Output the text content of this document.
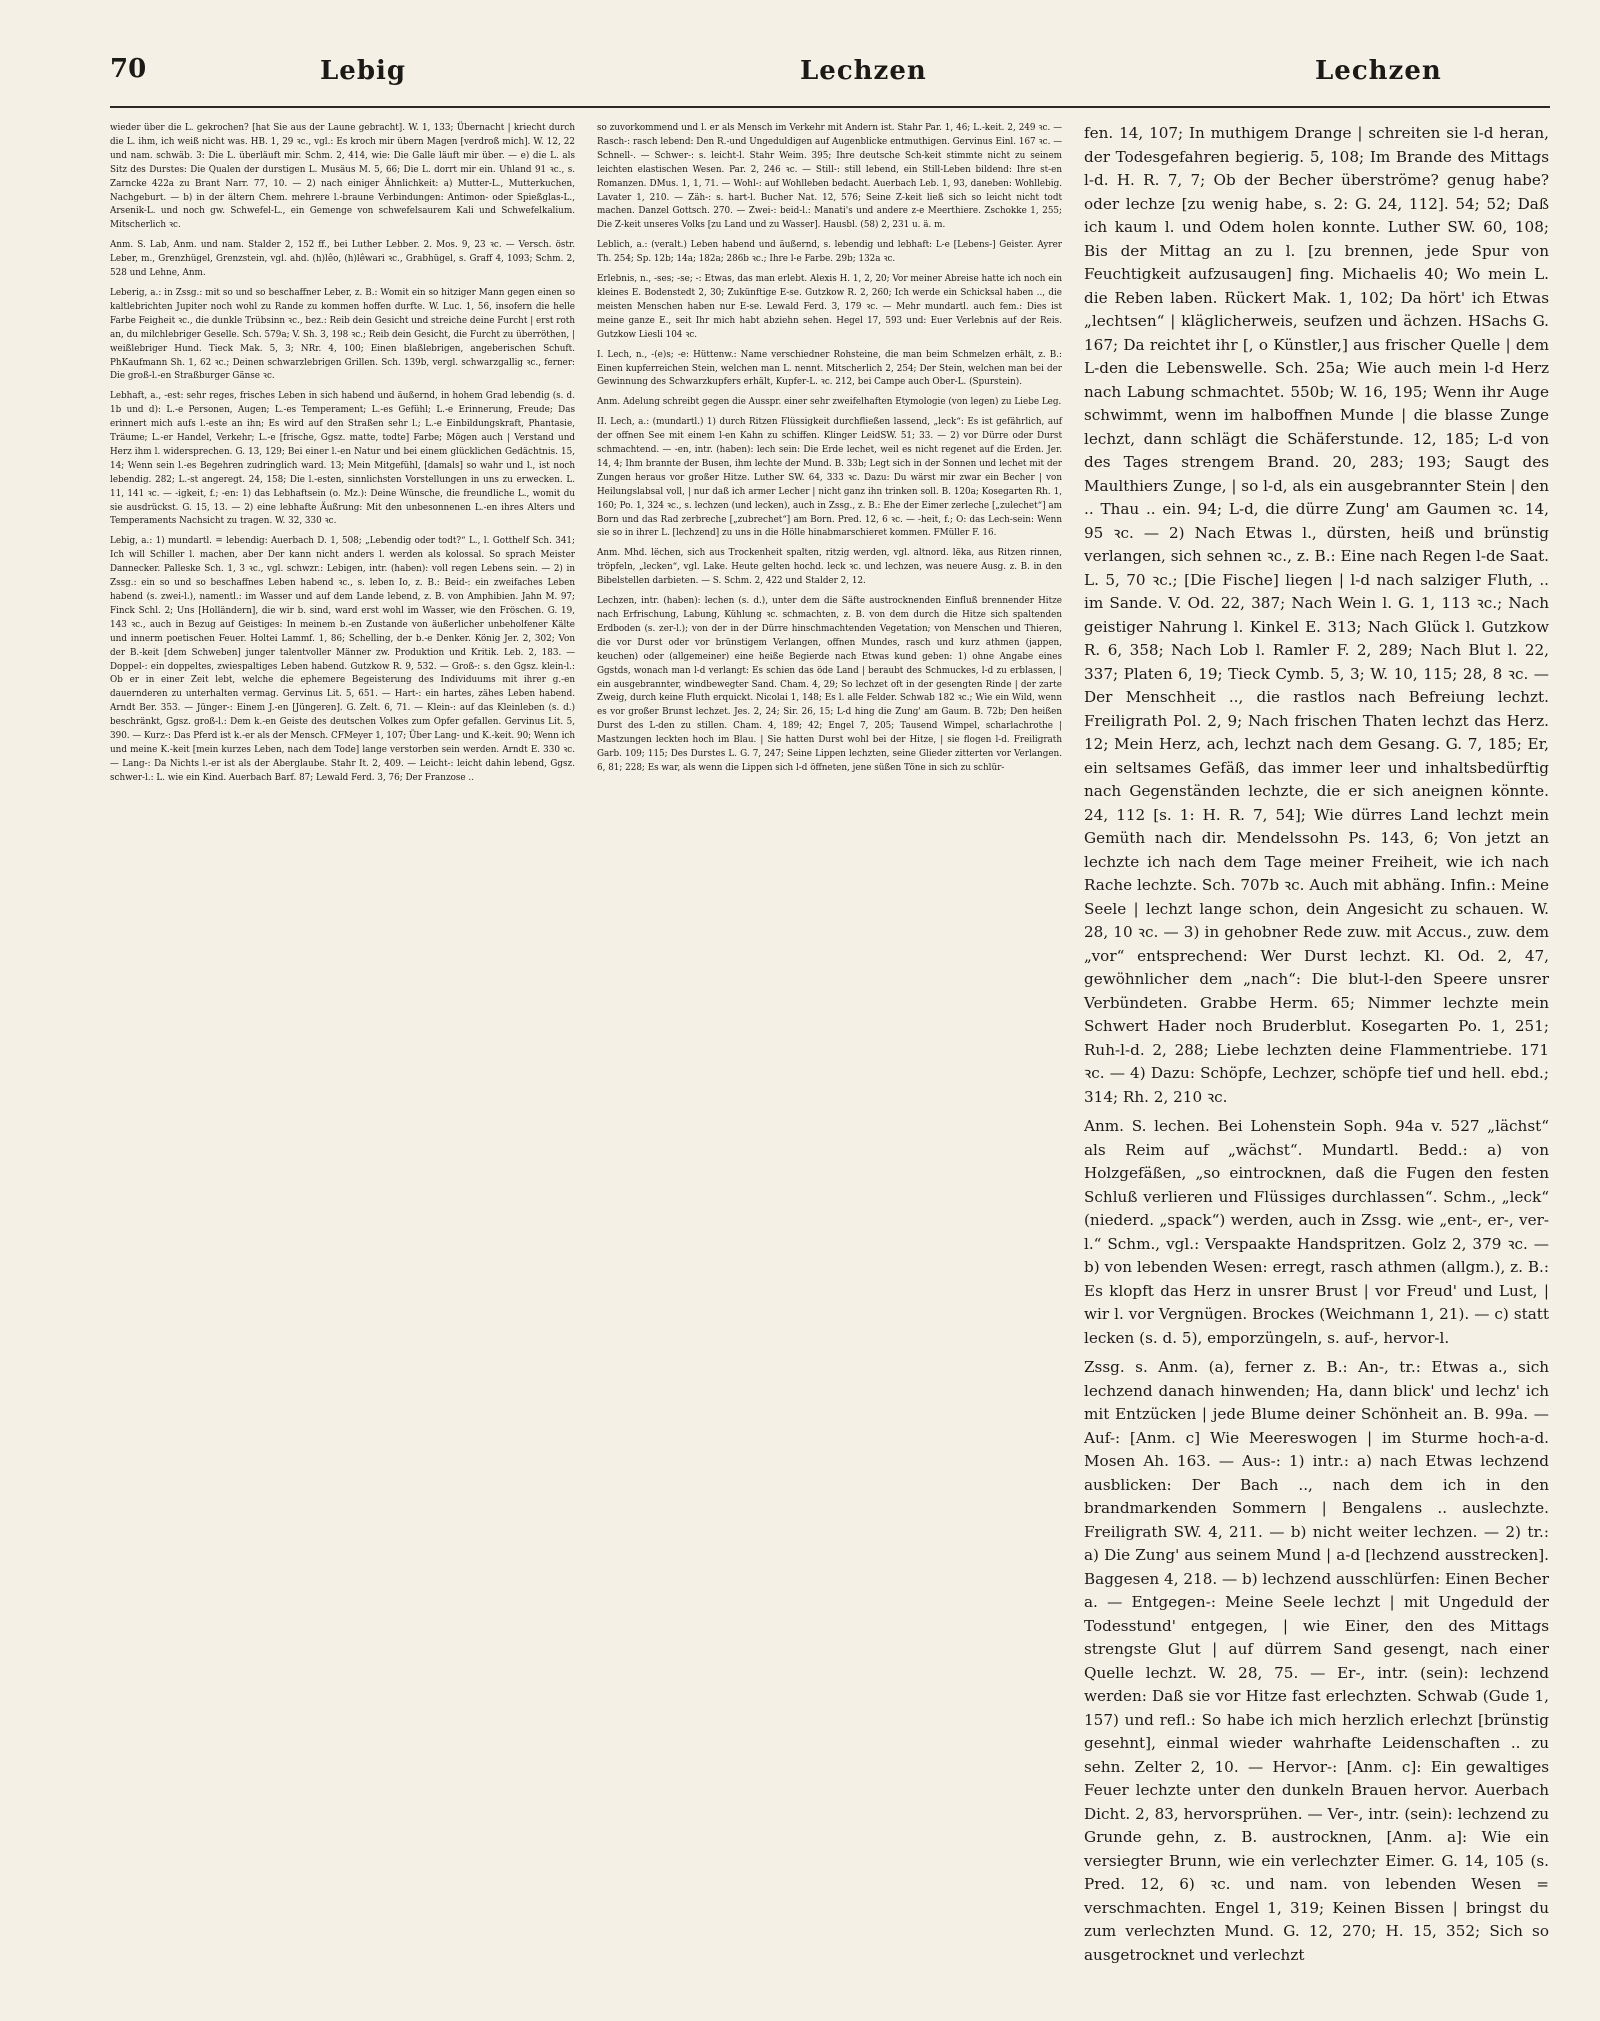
70	Lebig	Lechzen	Lechzen

wieder über die L. gekrochen? [hat Sie aus der Laune gebracht]. W. 1, 133; Übernacht | kriecht durch die L. ihm, ich weiß nicht was. HB. 1, 29 ꝛc., vgl.: Es kroch mir übern Magen [verdroß mich]. W. 12, 22 und nam. schwäb. 3: Die L. überläuft mir. Schm. 2, 414, wie: Die Galle läuft mir über. — e) die L. als Sitz des Durstes: Die Qualen der durstigen L. Musäus M. 5, 66; Die L. dorrt mir ein. Uhland 91 ꝛc., s. Zarncke 422a zu Brant Narr. 77, 10. — 2) nach einiger Ähnlichkeit: a) Mutter-L., Mutterkuchen, Nachgeburt. — b) in der ältern Chem. mehrere l.-braune Verbindungen: Antimon- oder Spießglas-L., Arsenik-L. und noch gw. Schwefel-L., ein Gemenge von schwefelsaurem Kali und Schwefelkalium. Mitscherlich ꝛc.

Anm. S. Lab, Anm. und nam. Stalder 2, 152 ff., bei Luther Lebber. 2. Mos. 9, 23 ꝛc. — Versch. östr. Leber, m., Grenzhügel, Grenzstein, vgl. ahd. (h)lêo, (h)lêwari ꝛc., Grabhügel, s. Graff 4, 1093; Schm. 2, 528 und Lehne, Anm.

Leberig, a.: in Zssg.: mit so und so beschaffner Leber, z. B.: Womit ein so hitziger Mann gegen einen so kaltlebrichten Jupiter noch wohl zu Rande zu kommen hoffen durfte. W. Luc. 1, 56, insofern die helle Farbe Feigheit ꝛc., die dunkle Trübsinn ꝛc., bez.: Reib dein Gesicht und streiche deine Furcht | erst roth an, du milchlebriger Geselle. Sch. 579a; V. Sh. 3, 198 ꝛc.; Reib dein Gesicht, die Furcht zu überröthen, | weißlebriger Hund. Tieck Mak. 5, 3; NRr. 4, 100; Einen blaßlebrigen, angeberischen Schuft. PhKaufmann Sh. 1, 62 ꝛc.; Deinen schwarzlebrigen Grillen. Sch. 139b, vergl. schwarzgallig ꝛc., ferner: Die groß-l.-en Straßburger Gänse ꝛc.

Lebhaft, a., -est: sehr reges, frisches Leben in sich habend und äußernd, in hohem Grad lebendig (s. d. 1b und d): L.-e Personen, Augen; L.-es Temperament; L.-es Gefühl; L.-e Erinnerung, Freude; Das erinnert mich aufs l.-este an ihn; Es wird auf den Straßen sehr l.; L.-e Einbildungskraft, Phantasie, Träume; L.-er Handel, Verkehr; L.-e [frische, Ggsz. matte, todte] Farbe; Mögen auch | Verstand und Herz ihm l. widersprechen. G. 13, 129; Bei einer l.-en Natur und bei einem glücklichen Gedächtnis. 15, 14; Wenn sein l.-es Begehren zudringlich ward. 13; Mein Mitgefühl, [damals] so wahr und l., ist noch lebendig. 282; L.-st angeregt. 24, 158; Die l.-esten, sinnlichsten Vorstellungen in uns zu erwecken. L. 11, 141 ꝛc. — -igkeit, f.; -en: 1) das Lebhaftsein (o. Mz.): Deine Wünsche, die freundliche L., womit du sie ausdrückst. G. 15, 13. — 2) eine lebhafte Äußrung: Mit den unbesonnenen L.-en ihres Alters und Temperaments Nachsicht zu tragen. W. 32, 330 ꝛc.

Lebig, a.: 1) mundartl. = lebendig: Auerbach D. 1, 508; „Lebendig oder todt?“ L., l. Gotthelf Sch. 341; Ich will Schiller l. machen, aber Der kann nicht anders l. werden als kolossal. So sprach Meister Dannecker. Palleske Sch. 1, 3 ꝛc., vgl. schwzr.: Lebigen, intr. (haben): voll regen Lebens sein. — 2) in Zssg.: ein so und so beschaffnes Leben habend ꝛc., s. leben Io, z. B.: Beid-: ein zweifaches Leben habend (s. zwei-l.), namentl.: im Wasser und auf dem Lande lebend, z. B. von Amphibien. Jahn M. 97; Finck Schl. 2; Uns [Holländern], die wir b. sind, ward erst wohl im Wasser, wie den Fröschen. G. 19, 143 ꝛc., auch in Bezug auf Geistiges: In meinem b.-en Zustande von äußerlicher unbeholfener Kälte und innerm poetischen Feuer. Holtei Lammf. 1, 86; Schelling, der b.-e Denker. König Jer. 2, 302; Von der B.-keit [dem Schweben] junger talentvoller Männer zw. Produktion und Kritik. Leb. 2, 183. — Doppel-: ein doppeltes, zwiespaltiges Leben habend. Gutzkow R. 9, 532. — Groß-: s. den Ggsz. klein-l.: Ob er in einer Zeit lebt, welche die ephemere Begeisterung des Individuums mit ihrer g.-en dauernderen zu unterhalten vermag. Gervinus Lit. 5, 651. — Hart-: ein hartes, zähes Leben habend. Arndt Ber. 353. — Jünger-: Einem J.-en [Jüngeren]. G. Zelt. 6, 71. — Klein-: auf das Kleinleben (s. d.) beschränkt, Ggsz. groß-l.: Dem k.-en Geiste des deutschen Volkes zum Opfer gefallen. Gervinus Lit. 5, 390. — Kurz-: Das Pferd ist k.-er als der Mensch. CFMeyer 1, 107; Über Lang- und K.-keit. 90; Wenn ich und meine K.-keit [mein kurzes Leben, nach dem Tode] lange verstorben sein werden. Arndt E. 330 ꝛc. — Lang-: Da Nichts l.-er ist als der Aberglaube. Stahr It. 2, 409. — Leicht-: leicht dahin lebend, Ggsz. schwer-l.: L. wie ein Kind. Auerbach Barf. 87; Lewald Ferd. 3, 76; Der Franzose ..

so zuvorkommend und l. er als Mensch im Verkehr mit Andern ist. Stahr Par. 1, 46; L.-keit. 2, 249 ꝛc. — Rasch-: rasch lebend: Den R.-und Ungeduldigen auf Augenblicke entmuthigen. Gervinus Einl. 167 ꝛc. — Schnell-. — Schwer-: s. leicht-l. Stahr Weim. 395; Ihre deutsche Sch-keit stimmte nicht zu seinem leichten elastischen Wesen. Par. 2, 246 ꝛc. — Still-: still lebend, ein Still-Leben bildend: Ihre st-en Romanzen. DMus. 1, 1, 71. — Wohl-: auf Wohlleben bedacht. Auerbach Leb. 1, 93, daneben: Wohllebig. Lavater 1, 210. — Zäh-: s. hart-l. Bucher Nat. 12, 576; Seine Z-keit ließ sich so leicht nicht todt machen. Danzel Gottsch. 270. — Zwei-: beid-l.: Manati's und andere z-e Meerthiere. Zschokke 1, 255; Die Z-keit unseres Volks [zu Land und zu Wasser]. Hausbl. (58) 2, 231 u. ä. m.

Leblich, a.: (veralt.) Leben habend und äußernd, s. lebendig und lebhaft: L-e [Lebens-] Geister. Ayrer Th. 254; Sp. 12b; 14a; 182a; 286b ꝛc.; Ihre l-e Farbe. 29b; 132a ꝛc.

Erlebnis, n., -ses; -se; -: Etwas, das man erlebt. Alexis H. 1, 2, 20; Vor meiner Abreise hatte ich noch ein kleines E. Bodenstedt 2, 30; Zukünftige E-se. Gutzkow R. 2, 260; Ich werde ein Schicksal haben .., die meisten Menschen haben nur E-se. Lewald Ferd. 3, 179 ꝛc. — Mehr mundartl. auch fem.: Dies ist meine ganze E., seit Ihr mich habt abziehn sehen. Hegel 17, 593 und: Euer Verlebnis auf der Reis. Gutzkow Liesli 104 ꝛc.

I. Lech, n., -(e)s; -e: Hüttenw.: Name verschiedner Rohsteine, die man beim Schmelzen erhält, z. B.: Einen kupferreichen Stein, welchen man L. nennt. Mitscherlich 2, 254; Der Stein, welchen man bei der Gewinnung des Schwarzkupfers erhält, Kupfer-L. ꝛc. 212, bei Campe auch Ober-L. (Spurstein).

Anm. Adelung schreibt gegen die Ausspr. einer sehr zweifelhaften Etymologie (von legen) zu Liebe Leg.

II. Lech, a.: (mundartl.) 1) durch Ritzen Flüssigkeit durchfließen lassend, „leck“: Es ist gefährlich, auf der offnen See mit einem l-en Kahn zu schiffen. Klinger LeidSW. 51; 33. — 2) vor Dürre oder Durst schmachtend. — -en, intr. (haben): lech sein: Die Erde lechet, weil es nicht regenet auf die Erden. Jer. 14, 4; Ihm brannte der Busen, ihm lechte der Mund. B. 33b; Legt sich in der Sonnen und lechet mit der Zungen heraus vor großer Hitze. Luther SW. 64, 333 ꝛc. Dazu: Du wärst mir zwar ein Becher | von Heilungslabsal voll, | nur daß ich armer Lecher | nicht ganz ihn trinken soll. B. 120a; Kosegarten Rh. 1, 160; Po. 1, 324 ꝛc., s. lechzen (und lecken), auch in Zssg., z. B.: Ehe der Eimer zerleche [„zulechet“] am Born und das Rad zerbreche [„zubrechet“] am Born. Pred. 12, 6 ꝛc. — -heit, f.; O: das Lech-sein: Wenn sie so in ihrer L. [lechzend] zu uns in die Hölle hinabmarschieret kommen. FMüller F. 16.

Anm. Mhd. lëchen, sich aus Trockenheit spalten, ritzig werden, vgl. altnord. lëka, aus Ritzen rinnen, tröpfeln, „lecken“, vgl. Lake. Heute gelten hochd. leck ꝛc. und lechzen, was neuere Ausg. z. B. in den Bibelstellen darbieten. — S. Schm. 2, 422 und Stalder 2, 12.

Lechzen, intr. (haben): lechen (s. d.), unter dem die Säfte austrocknenden Einfluß brennender Hitze nach Erfrischung, Labung, Kühlung ꝛc. schmachten, z. B. von dem durch die Hitze sich spaltenden Erdboden (s. zer-l.); von der in der Dürre hinschmachtenden Vegetation; von Menschen und Thieren, die vor Durst oder vor brünstigem Verlangen, offnen Mundes, rasch und kurz athmen (jappen, keuchen) oder (allgemeiner) eine heiße Begierde nach Etwas kund geben: 1) ohne Angabe eines Ggstds, wonach man l-d verlangt: Es schien das öde Land | beraubt des Schmuckes, l-d zu erblassen, | ein ausgebrannter, windbewegter Sand. Cham. 4, 29; So lechzet oft in der gesengten Rinde | der zarte Zweig, durch keine Fluth erquickt. Nicolai 1, 148; Es l. alle Felder. Schwab 182 ꝛc.; Wie ein Wild, wenn es vor großer Brunst lechzet. Jes. 2, 24; Sir. 26, 15; L-d hing die Zung' am Gaum. B. 72b; Den heißen Durst des L-den zu stillen. Cham. 4, 189; 42; Engel 7, 205; Tausend Wimpel, scharlachrothe | Mastzungen leckten hoch im Blau. | Sie hatten Durst wohl bei der Hitze, | sie flogen l-d. Freiligrath Garb. 109; 115; Des Durstes L. G. 7, 247; Seine Lippen lechzten, seine Glieder zitterten vor Verlangen. 6, 81; 228; Es war, als wenn die Lippen sich l-d öffneten, jene süßen Töne in sich zu schlür-

fen. 14, 107; In muthigem Drange | schreiten sie l-d heran, der Todesgefahren begierig. 5, 108; Im Brande des Mittags l-d. H. R. 7, 7; Ob der Becher überströme? genug habe? oder lechze [zu wenig habe, s. 2: G. 24, 112]. 54; 52; Daß ich kaum l. und Odem holen konnte. Luther SW. 60, 108; Bis der Mittag an zu l. [zu brennen, jede Spur von Feuchtigkeit aufzusaugen] fing. Michaelis 40; Wo mein L. die Reben laben. Rückert Mak. 1, 102; Da hört' ich Etwas „lechtsen“ | kläglicherweis, seufzen und ächzen. HSachs G. 167; Da reichtet ihr [, o Künstler,] aus frischer Quelle | dem L-den die Lebenswelle. Sch. 25a; Wie auch mein l-d Herz nach Labung schmachtet. 550b; W. 16, 195; Wenn ihr Auge schwimmt, wenn im halboffnen Munde | die blasse Zunge lechzt, dann schlägt die Schäferstunde. 12, 185; L-d von des Tages strengem Brand. 20, 283; 193; Saugt des Maulthiers Zunge, | so l-d, als ein ausgebrannter Stein | den .. Thau .. ein. 94; L-d, die dürre Zung' am Gaumen ꝛc. 14, 95 ꝛc. — 2) Nach Etwas l., dürsten, heiß und brünstig verlangen, sich sehnen ꝛc., z. B.: Eine nach Regen l-de Saat. L. 5, 70 ꝛc.; [Die Fische] liegen | l-d nach salziger Fluth, .. im Sande. V. Od. 22, 387; Nach Wein l. G. 1, 113 ꝛc.; Nach geistiger Nahrung l. Kinkel E. 313; Nach Glück l. Gutzkow R. 6, 358; Nach Lob l. Ramler F. 2, 289; Nach Blut l. 22, 337; Platen 6, 19; Tieck Cymb. 5, 3; W. 10, 115; 28, 8 ꝛc. — Der Menschheit .., die rastlos nach Befreiung lechzt. Freiligrath Pol. 2, 9; Nach frischen Thaten lechzt das Herz. 12; Mein Herz, ach, lechzt nach dem Gesang. G. 7, 185; Er, ein seltsames Gefäß, das immer leer und inhaltsbedürftig nach Gegenständen lechzte, die er sich aneignen könnte. 24, 112 [s. 1: H. R. 7, 54]; Wie dürres Land lechzt mein Gemüth nach dir. Mendelssohn Ps. 143, 6; Von jetzt an lechzte ich nach dem Tage meiner Freiheit, wie ich nach Rache lechzte. Sch. 707b ꝛc. Auch mit abhäng. Infin.: Meine Seele | lechzt lange schon, dein Angesicht zu schauen. W. 28, 10 ꝛc. — 3) in gehobner Rede zuw. mit Accus., zuw. dem „vor“ entsprechend: Wer Durst lechzt. Kl. Od. 2, 47, gewöhnlicher dem „nach“: Die blut-l-den Speere unsrer Verbündeten. Grabbe Herm. 65; Nimmer lechzte mein Schwert Hader noch Bruderblut. Kosegarten Po. 1, 251; Ruh-l-d. 2, 288; Liebe lechzten deine Flammentriebe. 171 ꝛc. — 4) Dazu: Schöpfe, Lechzer, schöpfe tief und hell. ebd.; 314; Rh. 2, 210 ꝛc.

Anm. S. lechen. Bei Lohenstein Soph. 94a v. 527 „lächst“ als Reim auf „wächst“. Mundartl. Bedd.: a) von Holzgefäßen, „so eintrocknen, daß die Fugen den festen Schluß verlieren und Flüssiges durchlassen“. Schm., „leck“ (niederd. „spack“) werden, auch in Zssg. wie „ent-, er-, ver-l.“ Schm., vgl.: Verspaakte Handspritzen. Golz 2, 379 ꝛc. — b) von lebenden Wesen: erregt, rasch athmen (allgm.), z. B.: Es klopft das Herz in unsrer Brust | vor Freud' und Lust, | wir l. vor Vergnügen. Brockes (Weichmann 1, 21). — c) statt lecken (s. d. 5), emporzüngeln, s. auf-, hervor-l.

Zssg. s. Anm. (a), ferner z. B.: An-, tr.: Etwas a., sich lechzend danach hinwenden; Ha, dann blick' und lechz' ich mit Entzücken | jede Blume deiner Schönheit an. B. 99a. — Auf-: [Anm. c] Wie Meereswogen | im Sturme hoch-a-d. Mosen Ah. 163. — Aus-: 1) intr.: a) nach Etwas lechzend ausblicken: Der Bach .., nach dem ich in den brandmarkenden Sommern | Bengalens .. auslechzte. Freiligrath SW. 4, 211. — b) nicht weiter lechzen. — 2) tr.: a) Die Zung' aus seinem Mund | a-d [lechzend ausstrecken]. Baggesen 4, 218. — b) lechzend ausschlürfen: Einen Becher a. — Entgegen-: Meine Seele lechzt | mit Ungeduld der Todesstund' entgegen, | wie Einer, den des Mittags strengste Glut | auf dürrem Sand gesengt, nach einer Quelle lechzt. W. 28, 75. — Er-, intr. (sein): lechzend werden: Daß sie vor Hitze fast erlechzten. Schwab (Gude 1, 157) und refl.: So habe ich mich herzlich erlechzt [brünstig gesehnt], einmal wieder wahrhafte Leidenschaften .. zu sehn. Zelter 2, 10. — Hervor-: [Anm. c]: Ein gewaltiges Feuer lechzte unter den dunkeln Brauen hervor. Auerbach Dicht. 2, 83, hervorsprühen. — Ver-, intr. (sein): lechzend zu Grunde gehn, z. B. austrocknen, [Anm. a]: Wie ein versiegter Brunn, wie ein verlechzter Eimer. G. 14, 105 (s. Pred. 12, 6) ꝛc. und nam. von lebenden Wesen = verschmachten. Engel 1, 319; Keinen Bissen | bringst du zum verlechzten Mund. G. 12, 270; H. 15, 352; Sich so ausgetrocknet und verlechzt
